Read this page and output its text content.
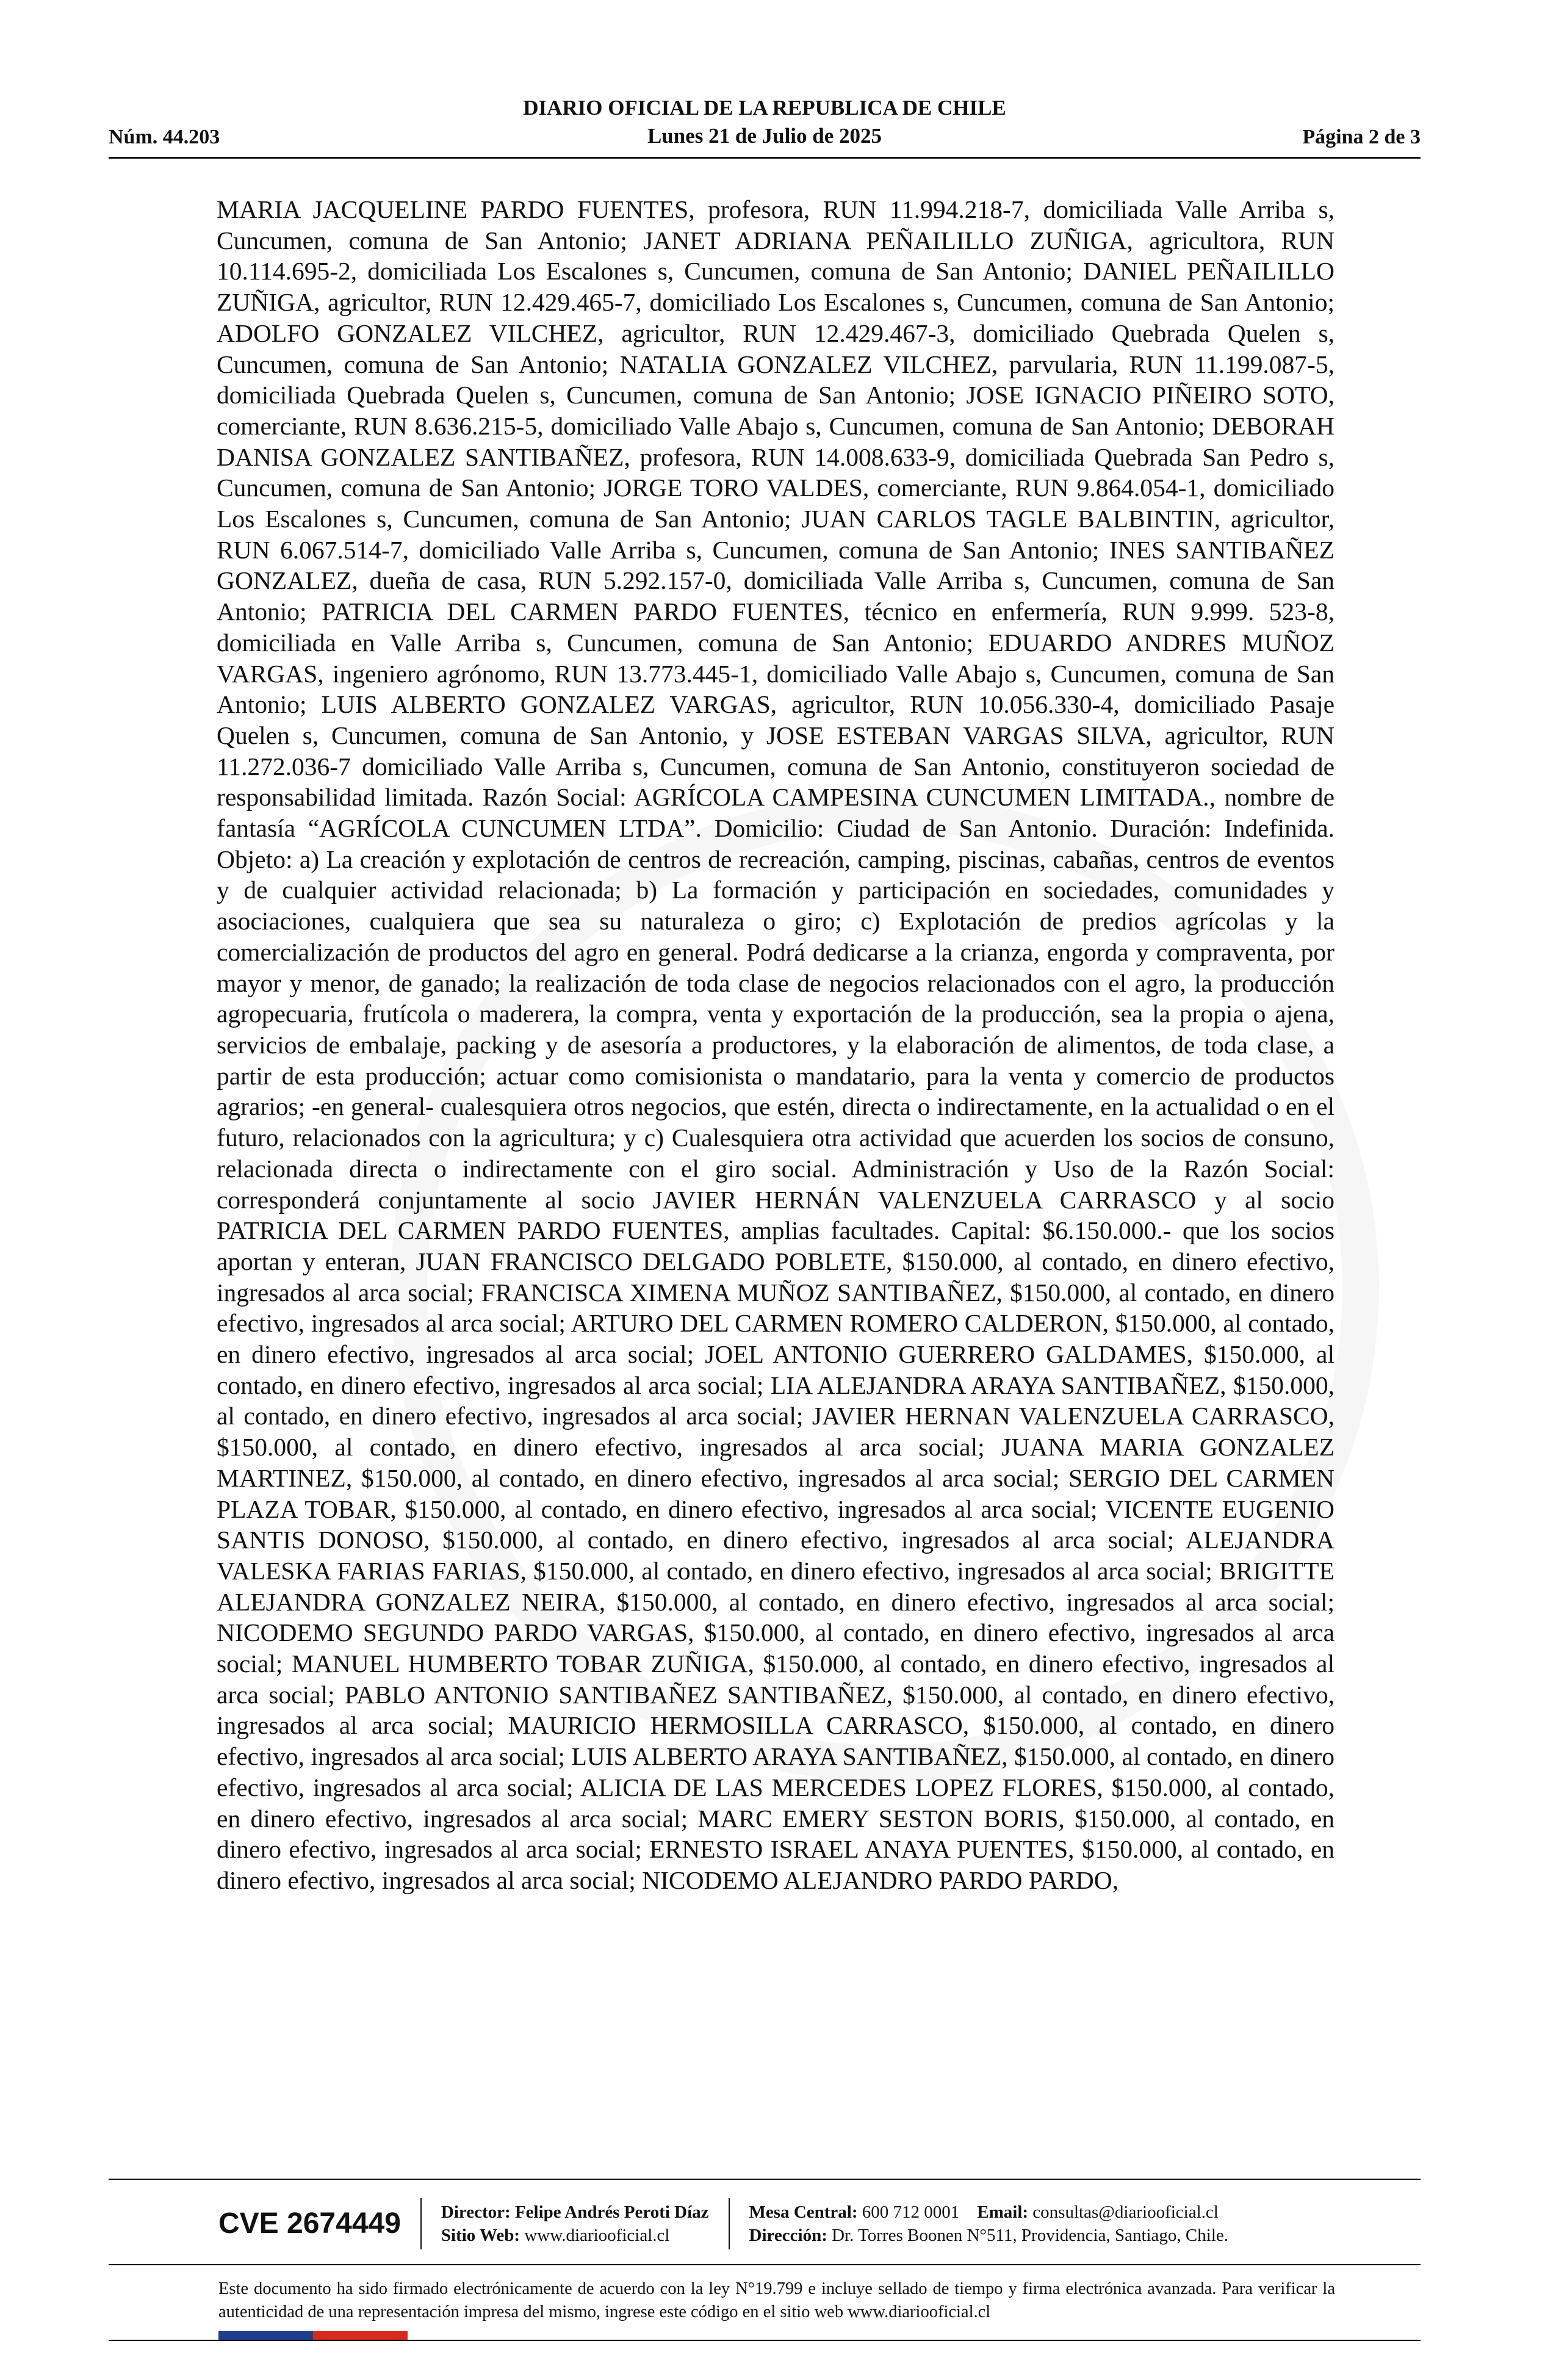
DIARIO OFICIAL DE LA REPUBLICA DE CHILE
Lunes 21 de Julio de 2025
Núm. 44.203	Página 2 de 3
MARIA JACQUELINE PARDO FUENTES, profesora, RUN 11.994.218-7, domiciliada Valle Arriba s, Cuncumen, comuna de San Antonio; JANET ADRIANA PEÑAILILLO ZUÑIGA, agricultora, RUN 10.114.695-2, domiciliada Los Escalones s, Cuncumen, comuna de San Antonio; DANIEL PEÑAILILLO ZUÑIGA, agricultor, RUN 12.429.465-7, domiciliado Los Escalones s, Cuncumen, comuna de San Antonio; ADOLFO GONZALEZ VILCHEZ, agricultor, RUN 12.429.467-3, domiciliado Quebrada Quelen s, Cuncumen, comuna de San Antonio; NATALIA GONZALEZ VILCHEZ, parvularia, RUN 11.199.087-5, domiciliada Quebrada Quelen s, Cuncumen, comuna de San Antonio; JOSE IGNACIO PIÑEIRO SOTO, comerciante, RUN 8.636.215-5, domiciliado Valle Abajo s, Cuncumen, comuna de San Antonio; DEBORAH DANISA GONZALEZ SANTIBAÑEZ, profesora, RUN 14.008.633-9, domiciliada Quebrada San Pedro s, Cuncumen, comuna de San Antonio; JORGE TORO VALDES, comerciante, RUN 9.864.054-1, domiciliado Los Escalones s, Cuncumen, comuna de San Antonio; JUAN CARLOS TAGLE BALBINTIN, agricultor, RUN 6.067.514-7, domiciliado Valle Arriba s, Cuncumen, comuna de San Antonio; INES SANTIBAÑEZ GONZALEZ, dueña de casa, RUN 5.292.157-0, domiciliada Valle Arriba s, Cuncumen, comuna de San Antonio; PATRICIA DEL CARMEN PARDO FUENTES, técnico en enfermería, RUN 9.999. 523-8, domiciliada en Valle Arriba s, Cuncumen, comuna de San Antonio; EDUARDO ANDRES MUÑOZ VARGAS, ingeniero agrónomo, RUN 13.773.445-1, domiciliado Valle Abajo s, Cuncumen, comuna de San Antonio; LUIS ALBERTO GONZALEZ VARGAS, agricultor, RUN 10.056.330-4, domiciliado Pasaje Quelen s, Cuncumen, comuna de San Antonio, y JOSE ESTEBAN VARGAS SILVA, agricultor, RUN 11.272.036-7 domiciliado Valle Arriba s, Cuncumen, comuna de San Antonio, constituyeron sociedad de responsabilidad limitada. Razón Social: AGRÍCOLA CAMPESINA CUNCUMEN LIMITADA., nombre de fantasía “AGRÍCOLA CUNCUMEN LTDA”. Domicilio: Ciudad de San Antonio. Duración: Indefinida. Objeto: a) La creación y explotación de centros de recreación, camping, piscinas, cabañas, centros de eventos y de cualquier actividad relacionada; b) La formación y participación en sociedades, comunidades y asociaciones, cualquiera que sea su naturaleza o giro; c) Explotación de predios agrícolas y la comercialización de productos del agro en general. Podrá dedicarse a la crianza, engorda y compraventa, por mayor y menor, de ganado; la realización de toda clase de negocios relacionados con el agro, la producción agropecuaria, frutícola o maderera, la compra, venta y exportación de la producción, sea la propia o ajena, servicios de embalaje, packing y de asesoría a productores, y la elaboración de alimentos, de toda clase, a partir de esta producción; actuar como comisionista o mandatario, para la venta y comercio de productos agrarios; -en general- cualesquiera otros negocios, que estén, directa o indirectamente, en la actualidad o en el futuro, relacionados con la agricultura; y c) Cualesquiera otra actividad que acuerden los socios de consuno, relacionada directa o indirectamente con el giro social. Administración y Uso de la Razón Social: corresponderá conjuntamente al socio JAVIER HERNÁN VALENZUELA CARRASCO y al socio PATRICIA DEL CARMEN PARDO FUENTES, amplias facultades. Capital: $6.150.000.- que los socios aportan y enteran, JUAN FRANCISCO DELGADO POBLETE, $150.000, al contado, en dinero efectivo, ingresados al arca social; FRANCISCA XIMENA MUÑOZ SANTIBAÑEZ, $150.000, al contado, en dinero efectivo, ingresados al arca social; ARTURO DEL CARMEN ROMERO CALDERON, $150.000, al contado, en dinero efectivo, ingresados al arca social; JOEL ANTONIO GUERRERO GALDAMES, $150.000, al contado, en dinero efectivo, ingresados al arca social; LIA ALEJANDRA ARAYA SANTIBAÑEZ, $150.000, al contado, en dinero efectivo, ingresados al arca social; JAVIER HERNAN VALENZUELA CARRASCO, $150.000, al contado, en dinero efectivo, ingresados al arca social; JUANA MARIA GONZALEZ MARTINEZ, $150.000, al contado, en dinero efectivo, ingresados al arca social; SERGIO DEL CARMEN PLAZA TOBAR, $150.000, al contado, en dinero efectivo, ingresados al arca social; VICENTE EUGENIO SANTIS DONOSO, $150.000, al contado, en dinero efectivo, ingresados al arca social; ALEJANDRA VALESKA FARIAS FARIAS, $150.000, al contado, en dinero efectivo, ingresados al arca social; BRIGITTE ALEJANDRA GONZALEZ NEIRA, $150.000, al contado, en dinero efectivo, ingresados al arca social; NICODEMO SEGUNDO PARDO VARGAS, $150.000, al contado, en dinero efectivo, ingresados al arca social; MANUEL HUMBERTO TOBAR ZUÑIGA, $150.000, al contado, en dinero efectivo, ingresados al arca social; PABLO ANTONIO SANTIBAÑEZ SANTIBAÑEZ, $150.000, al contado, en dinero efectivo, ingresados al arca social; MAURICIO HERMOSILLA CARRASCO, $150.000, al contado, en dinero efectivo, ingresados al arca social; LUIS ALBERTO ARAYA SANTIBAÑEZ, $150.000, al contado, en dinero efectivo, ingresados al arca social; ALICIA DE LAS MERCEDES LOPEZ FLORES, $150.000, al contado, en dinero efectivo, ingresados al arca social; MARC EMERY SESTON BORIS, $150.000, al contado, en dinero efectivo, ingresados al arca social; ERNESTO ISRAEL ANAYA PUENTES, $150.000, al contado, en dinero efectivo, ingresados al arca social; NICODEMO ALEJANDRO PARDO PARDO,
CVE 2674449	Director: Felipe Andrés Peroti Díaz
Sitio Web: www.diariooficial.cl
Mesa Central: 600 712 0001 Email: consultas@diariooficial.cl
Dirección: Dr. Torres Boonen N°511, Providencia, Santiago, Chile.
Este documento ha sido firmado electrónicamente de acuerdo con la ley N°19.799 e incluye sellado de tiempo y firma electrónica avanzada. Para verificar la autenticidad de una representación impresa del mismo, ingrese este código en el sitio web www.diariooficial.cl
